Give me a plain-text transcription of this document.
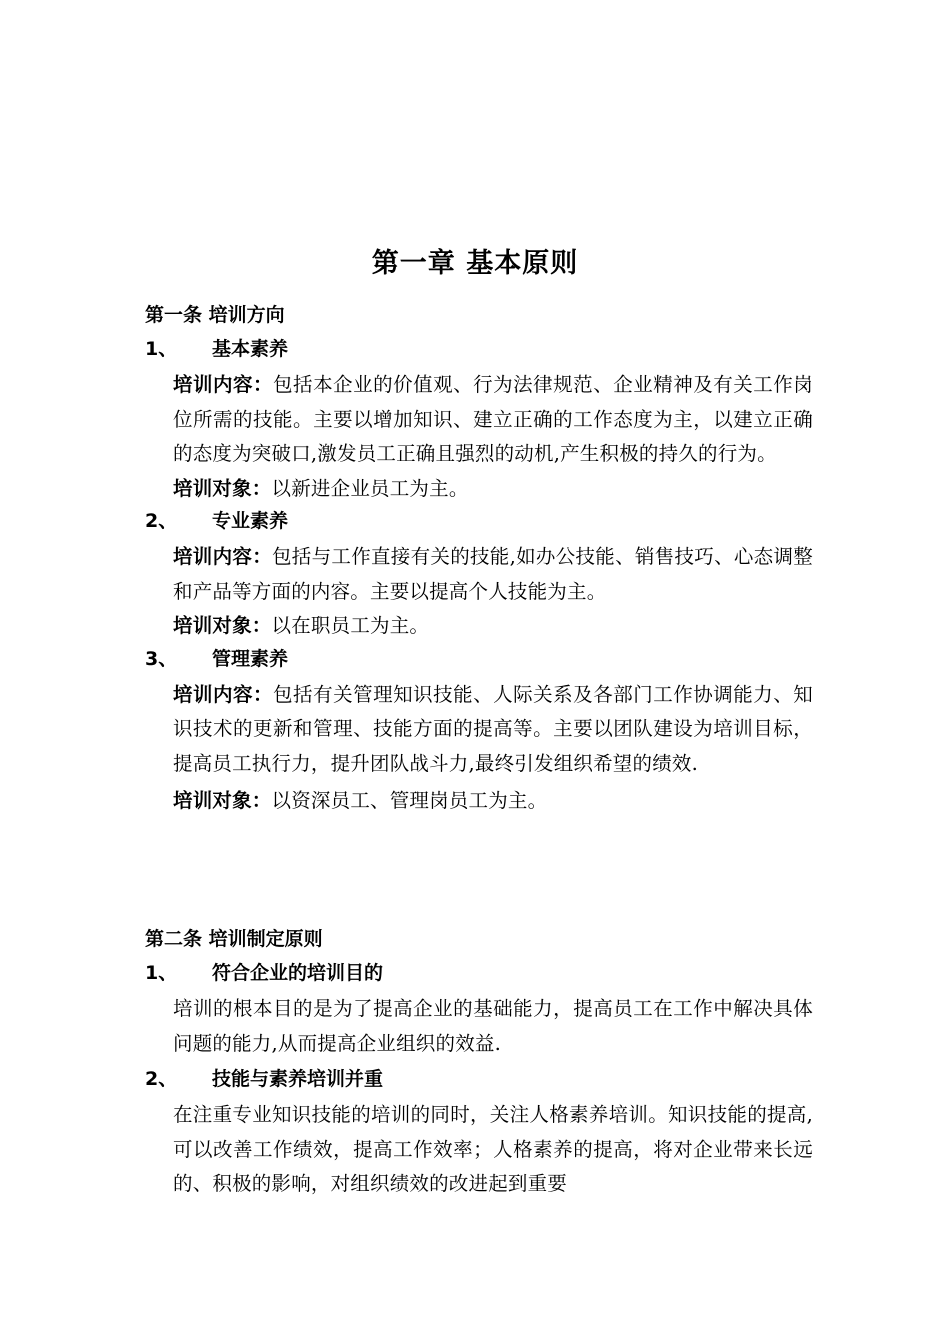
第一章 基本原则
第一条 培训方向
1、	基本素养
培训内容：包括本企业的价值观、行为法律规范、企业精神及有关工作岗位所需的技能。主要以增加知识、建立正确的工作态度为主，以建立正确的态度为突破口,激发员工正确且强烈的动机,产生积极的持久的行为。
培训对象：以新进企业员工为主。
2、	专业素养
培训内容：包括与工作直接有关的技能,如办公技能、销售技巧、心态调整和产品等方面的内容。主要以提高个人技能为主。
培训对象：以在职员工为主。
3、	管理素养
培训内容：包括有关管理知识技能、人际关系及各部门工作协调能力、知识技术的更新和管理、技能方面的提高等。主要以团队建设为培训目标，提高员工执行力，提升团队战斗力,最终引发组织希望的绩效.
培训对象：以资深员工、管理岗员工为主。
第二条 培训制定原则
1、	符合企业的培训目的
培训的根本目的是为了提高企业的基础能力，提高员工在工作中解决具体问题的能力,从而提高企业组织的效益.
2、	技能与素养培训并重
在注重专业知识技能的培训的同时，关注人格素养培训。知识技能的提高,可以改善工作绩效，提高工作效率；人格素养的提高，将对企业带来长远的、积极的影响，对组织绩效的改进起到重要
